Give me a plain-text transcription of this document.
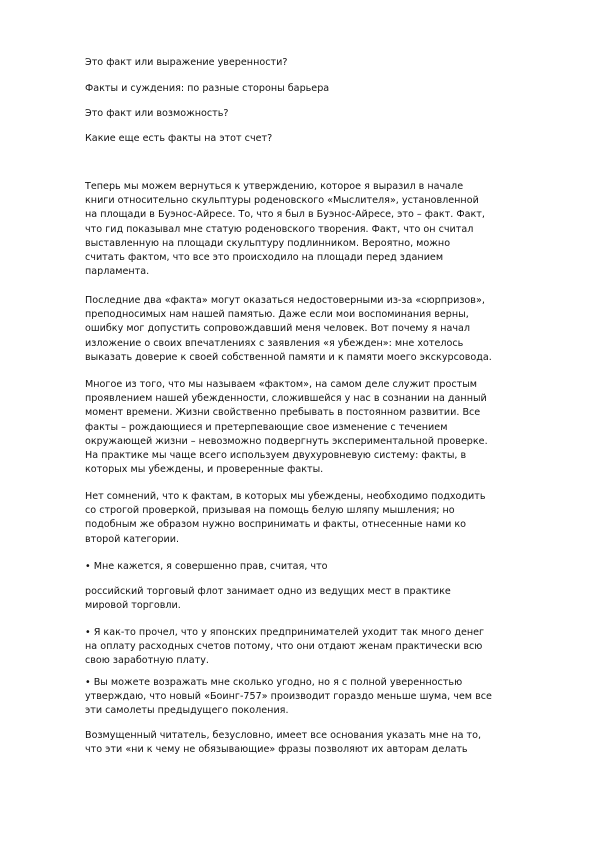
Это факт или выражение уверенности?

Факты и суждения: по разные стороны барьера

Это факт или возможность?

Какие еще есть факты на этот счет?

Теперь мы можем вернуться к утверждению, которое я выразил в начале
книги относительно скульптуры роденовского «Мыслителя», установленной
на площади в Буэнос-Айресе. То, что я был в Буэнос-Айресе, это – факт. Факт,
что гид показывал мне статую роденовского творения. Факт, что он считал
выставленную на площади скульптуру подлинником. Вероятно, можно
считать фактом, что все это происходило на площади перед зданием
парламента.
Последние два «факта» могут оказаться недостоверными из-за «сюрпризов»,
преподносимых нам нашей памятью. Даже если мои воспоминания верны,
ошибку мог допустить сопровождавший меня человек. Вот почему я начал
изложение о своих впечатлениях с заявления «я убежден»: мне хотелось
выказать доверие к своей собственной памяти и к памяти моего экскурсовода.
Многое из того, что мы называем «фактом», на самом деле служит простым
проявлением нашей убежденности, сложившейся у нас в сознании на данный
момент времени. Жизни свойственно пребывать в постоянном развитии. Все
факты – рождающиеся и претерпевающие свое изменение с течением
окружающей жизни – невозможно подвергнуть экспериментальной проверке.
На практике мы чаще всего используем двухуровневую систему: факты, в
которых мы убеждены, и проверенные факты.
Нет сомнений, что к фактам, в которых мы убеждены, необходимо подходить
со строгой проверкой, призывая на помощь белую шляпу мышления; но
подобным же образом нужно воспринимать и факты, отнесенные нами ко
второй категории.
• Мне кажется, я совершенно прав, считая, что
российский торговый флот занимает одно из ведущих мест в практике
мировой торговли.
• Я как-то прочел, что у японских предпринимателей уходит так много денег
на оплату расходных счетов потому, что они отдают женам практически всю
свою заработную плату.
• Вы можете возражать мне сколько угодно, но я с полной уверенностью
утверждаю, что новый «Боинг-757» производит гораздо меньше шума, чем все
эти самолеты предыдущего поколения.
Возмущенный читатель, безусловно, имеет все основания указать мне на то,
что эти «ни к чему не обязывающие» фразы позволяют их авторам делать
